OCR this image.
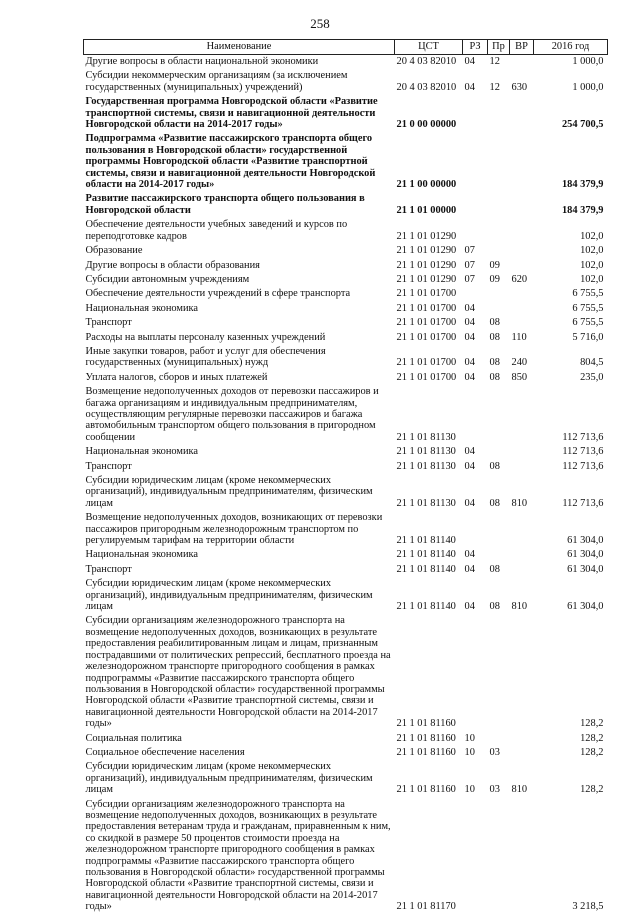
258
Наименование	ЦСТ	РЗ	Пр	ВР	2016 год
Другие вопросы в области национальной экономики	20 4 03 82010	04	12		1 000,0
Субсидии некоммерческим организациям (за исключением государственных (муниципальных) учреждений)	20 4 03 82010	04	12	630	1 000,0
Государственная программа Новгородской области «Развитие транспортной системы, связи и навигационной деятельности Новгородской области на 2014-2017 годы»	21 0 00 00000				254 700,5
Подпрограмма «Развитие пассажирского транспорта общего пользования в Новгородской области» государственной программы Новгородской области «Развитие транспортной системы, связи и навигационной деятельности Новгородской области на 2014-2017 годы»	21 1 00 00000				184 379,9
Развитие пассажирского транспорта общего пользования в Новгородской области	21 1 01 00000				184 379,9
Обеспечение деятельности учебных заведений и курсов по переподготовке кадров	21 1 01 01290				102,0
Образование	21 1 01 01290	07			102,0
Другие вопросы в области образования	21 1 01 01290	07	09		102,0
Субсидии автономным учреждениям	21 1 01 01290	07	09	620	102,0
Обеспечение деятельности учреждений в сфере транспорта	21 1 01 01700				6 755,5
Национальная экономика	21 1 01 01700	04			6 755,5
Транспорт	21 1 01 01700	04	08		6 755,5
Расходы на выплаты персоналу казенных учреждений	21 1 01 01700	04	08	110	5 716,0
Иные закупки товаров, работ и услуг для обеспечения государственных (муниципальных) нужд	21 1 01 01700	04	08	240	804,5
Уплата налогов, сборов и иных платежей	21 1 01 01700	04	08	850	235,0
Возмещение недополученных доходов от перевозки пассажиров и багажа организациям и индивидуальным предпринимателям, осуществляющим регулярные перевозки пассажиров и багажа автомобильным транспортом общего пользования в пригородном сообщении	21 1 01 81130				112 713,6
Национальная экономика	21 1 01 81130	04			112 713,6
Транспорт	21 1 01 81130	04	08		112 713,6
Субсидии юридическим лицам (кроме некоммерческих организаций), индивидуальным предпринимателям, физическим лицам	21 1 01 81130	04	08	810	112 713,6
Возмещение недополученных доходов, возникающих от перевозки пассажиров пригородным железнодорожным транспортом по регулируемым тарифам на территории области	21 1 01 81140				61 304,0
Национальная экономика	21 1 01 81140	04			61 304,0
Транспорт	21 1 01 81140	04	08		61 304,0
Субсидии юридическим лицам (кроме некоммерческих организаций), индивидуальным предпринимателям, физическим лицам	21 1 01 81140	04	08	810	61 304,0
Субсидии организациям железнодорожного транспорта на возмещение недополученных доходов, возникающих в результате предоставления реабилитированным лицам и лицам, признанным пострадавшими от политических репрессий, бесплатного проезда на железнодорожном транспорте пригородного сообщения в рамках подпрограммы «Развитие пассажирского транспорта общего пользования в Новгородской области» государственной программы Новгородской области «Развитие транспортной системы, связи и навигационной деятельности Новгородской области на 2014-2017 годы»	21 1 01 81160				128,2
Социальная политика	21 1 01 81160	10			128,2
Социальное обеспечение населения	21 1 01 81160	10	03		128,2
Субсидии юридическим лицам (кроме некоммерческих организаций), индивидуальным предпринимателям, физическим лицам	21 1 01 81160	10	03	810	128,2
Субсидии организациям железнодорожного транспорта на возмещение недополученных доходов, возникающих в результате предоставления ветеранам труда и гражданам, приравненным к ним, со скидкой в размере 50 процентов стоимости проезда на железнодорожном транспорте пригородного сообщения в рамках подпрограммы «Развитие пассажирского транспорта общего пользования в Новгородской области» государственной программы Новгородской области «Развитие транспортной системы, связи и навигационной деятельности Новгородской области на 2014-2017 годы»	21 1 01 81170				3 218,5
